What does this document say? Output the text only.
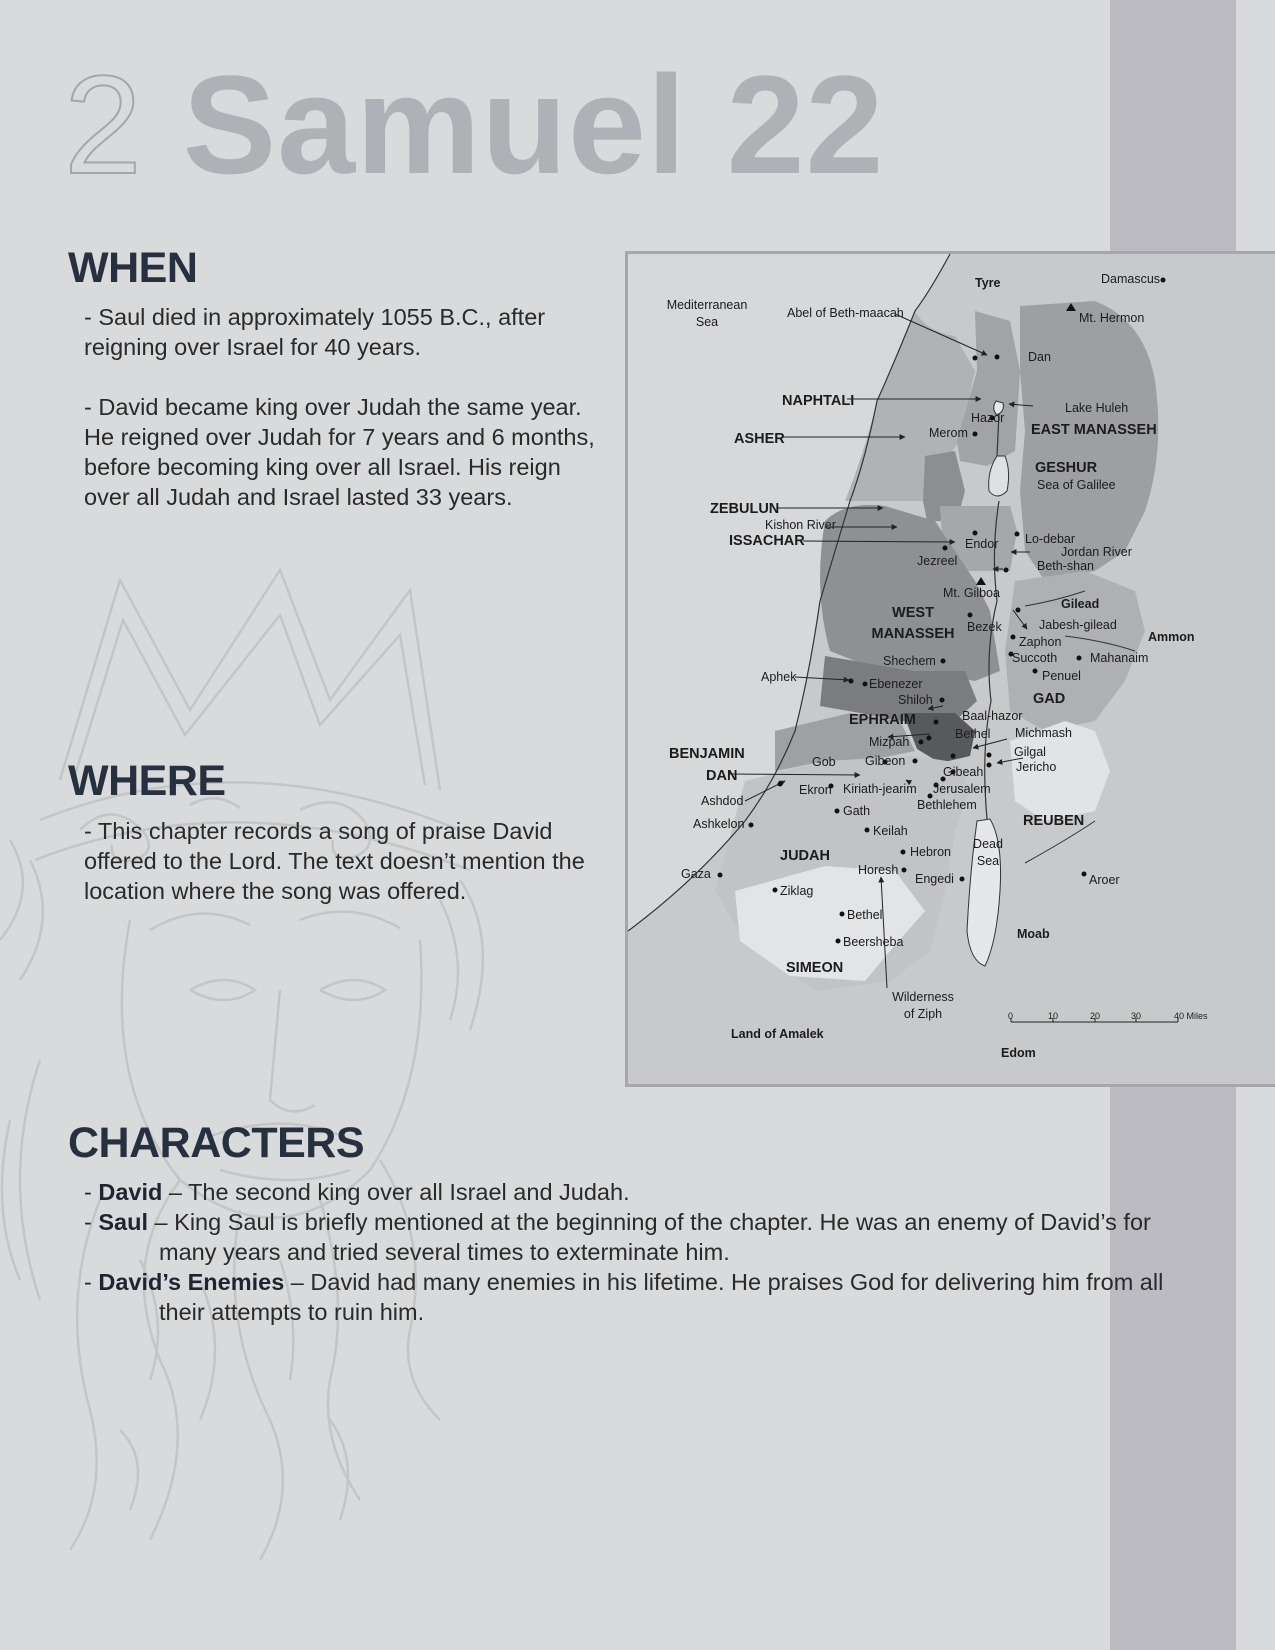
2 Samuel 22
WHEN

- Saul died in approximately 1055 B.C., after reigning over Israel for 40 years.

- David became king over Judah the same year. He reigned over Judah for 7 years and 6 months, before becoming king over all Israel. His reign over all Judah and Israel lasted 33 years.

WHERE

- This chapter records a song of praise David offered to the Lord. The text doesn’t mention the location where the song was offered.

CHARACTERS
- David – The second king over all Israel and Judah.
- Saul – King Saul is briefly mentioned at the beginning of the chapter. He was an enemy of David’s for many years and tried several times to exterminate him.
- David’s Enemies – David had many enemies in his lifetime. He praises God for delivering him from all their attempts to ruin him.
Mediterranean
Sea
Tyre	Damascus
Abel of Beth-maacah	Mt. Hermon
Dan
Lake Huleh
Hazor
Merom
Sea of Galilee
Kishon River
Endor Lo-debar
Jordan River
Jezreel	Beth-shan
Mt. Gilboa
Gilead
Jabesh-gilead
Bezek
Zaphon	Ammon
Succoth	Mahanaim
Shechem
Penuel
Aphek	Ebenezer
Shiloh
Baal-hazor
Bethel Michmash
Mizpah
Gilgal
Gob Gibeon	Jericho
Gibeah
Ekron Kiriath-jearim Jerusalem
Ashdod	Bethlehem
Gath
Ashkelon	Keilah
Dead
Sea
Hebron
Horesh
Aroer
Gaza	Engedi
Ziklag
Bethel
Moab
Beersheba
Wilderness
of Ziph
Land of Amalek
Edom
NAPHTALI
ASHER
EAST MANASSEH
GESHUR
ZEBULUN
ISSACHAR
WEST
MANASSEH
GAD
EPHRAIM
BENJAMIN
DAN
REUBEN
JUDAH
SIMEON
0	10	20	30	40 Miles
